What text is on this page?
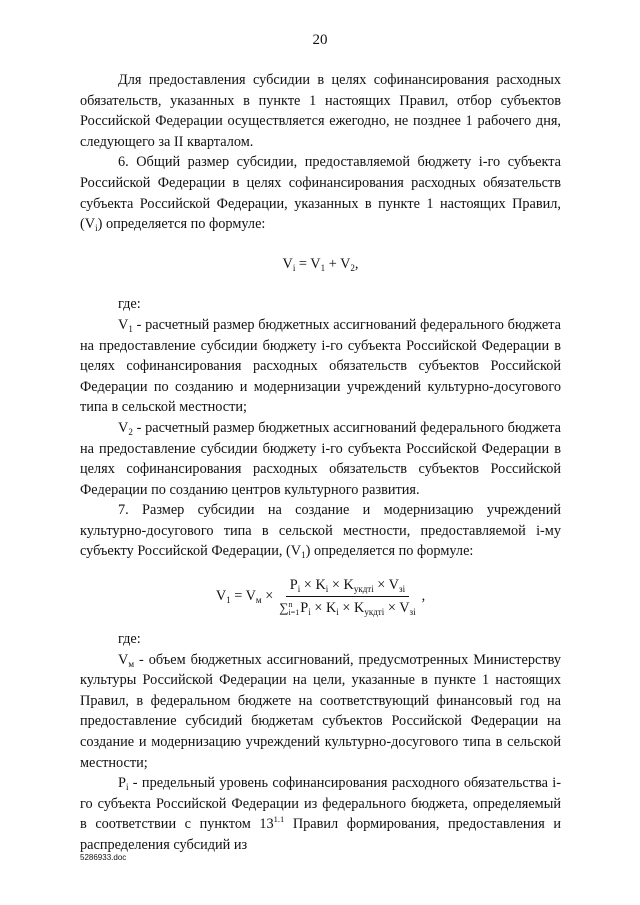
20

Для предоставления субсидии в целях софинансирования расходных обязательств, указанных в пункте 1 настоящих Правил, отбор субъектов Российской Федерации осуществляется ежегодно, не позднее 1 рабочего дня, следующего за II кварталом.

6. Общий размер субсидии, предоставляемой бюджету i-го субъекта Российской Федерации в целях софинансирования расходных обязательств субъекта Российской Федерации, указанных в пункте 1 настоящих Правил, $(V_i)$ определяется по формуле:

$V_i = V_1 + V_2$,

где:

$V_1$ - расчетный размер бюджетных ассигнований федерального бюджета на предоставление субсидии бюджету i-го субъекта Российской Федерации в целях софинансирования расходных обязательств субъектов Российской Федерации по созданию и модернизации учреждений культурно-досугового типа в сельской местности;

$V_2$ - расчетный размер бюджетных ассигнований федерального бюджета на предоставление субсидии бюджету i-го субъекта Российской Федерации в целях софинансирования расходных обязательств субъектов Российской Федерации по созданию центров культурного развития.

7. Размер субсидии на создание и модернизацию учреждений культурно-досугового типа в сельской местности, предоставляемой i-му субъекту Российской Федерации, $(V_1)$ определяется по формуле:

$V_1 = V_м \times P_i \times K_i \times K_{укдтi} \times V_{зi}$
∑ n
i=1 $P_i \times K_i \times K_{укдтi} \times V_{зi}$ ,

где:

$V_м$ - объем бюджетных ассигнований, предусмотренных Министерству культуры Российской Федерации на цели, указанные в пункте 1 настоящих Правил, в федеральном бюджете на соответствующий финансовый год на предоставление субсидий бюджетам субъектов Российской Федерации на создание и модернизацию учреждений культурно-досугового типа в сельской местности;

$P_i$ - предельный уровень софинансирования расходного обязательства i-го субъекта Российской Федерации из федерального бюджета, определяемый в соответствии с пунктом $13^{1.1}$ Правил формирования, предоставления и распределения субсидий из

5286933.doc
